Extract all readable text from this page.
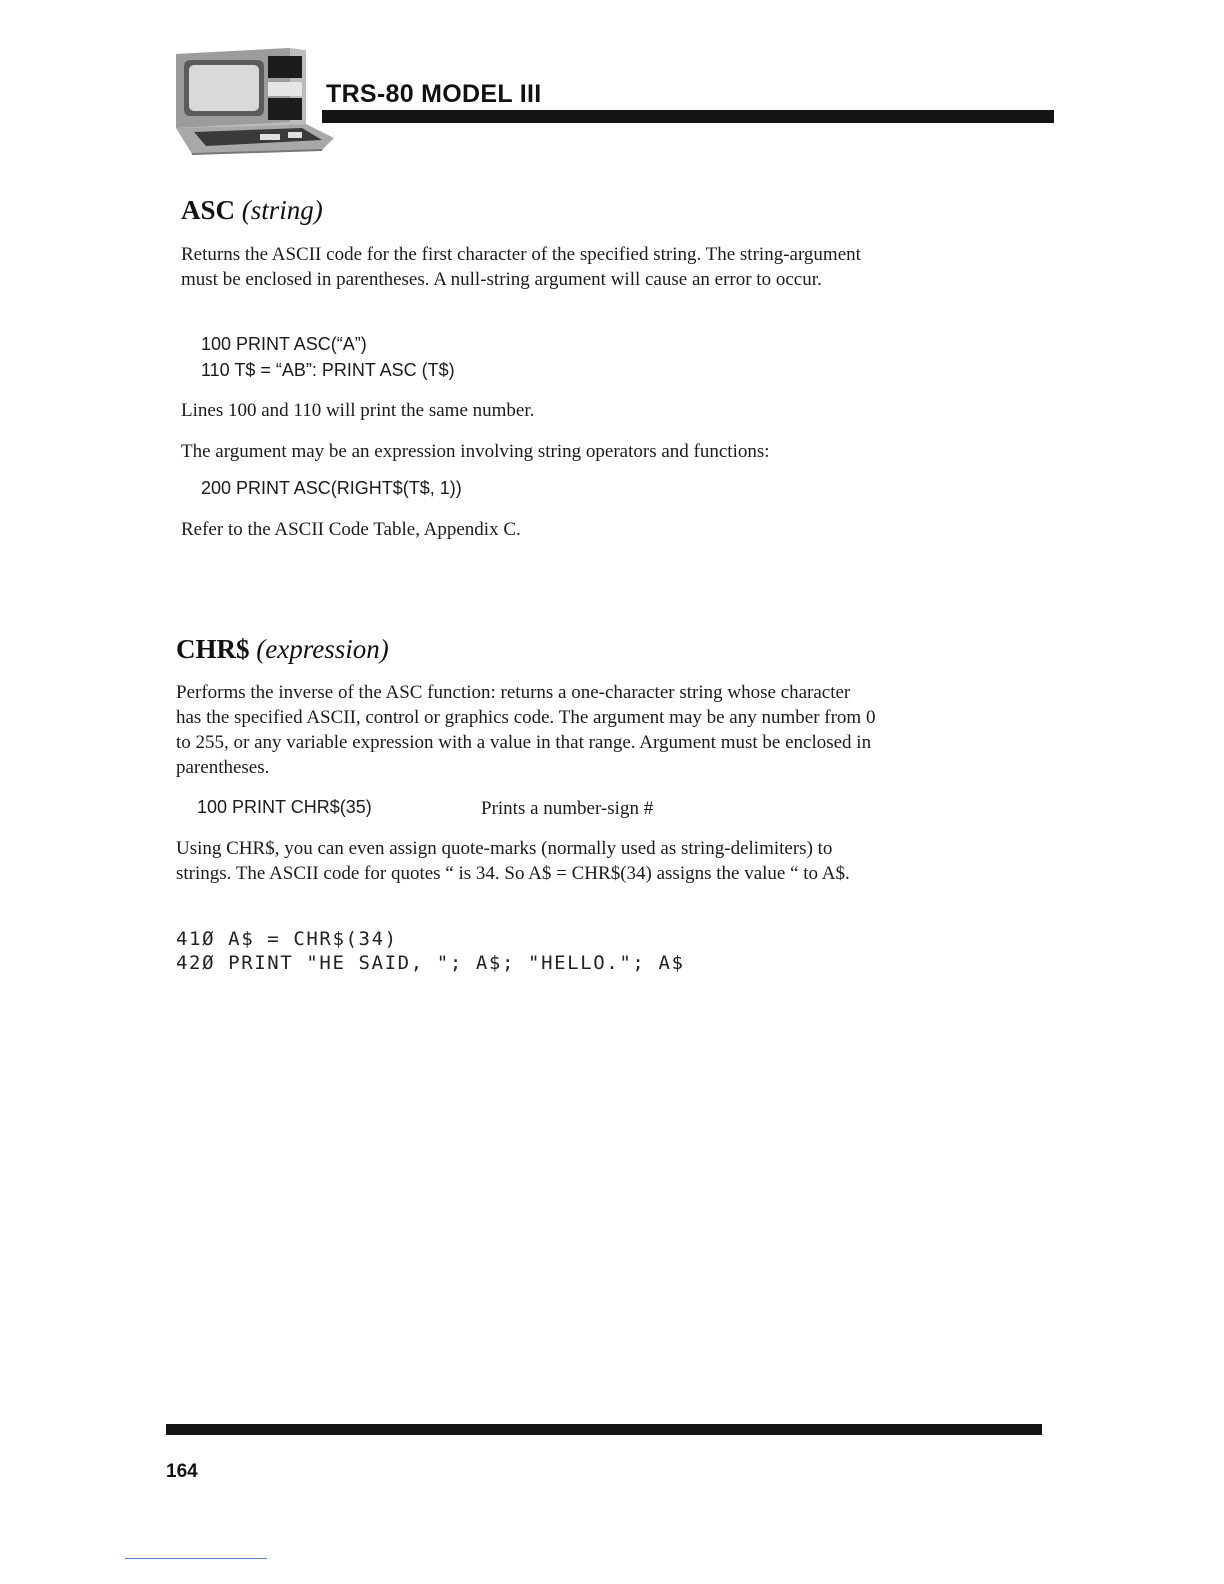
TRS-80 MODEL III
ASC (string)
Returns the ASCII code for the first character of the specified string. The string-argument must be enclosed in parentheses. A null-string argument will cause an error to occur.
100 PRINT ASC(“A”)
110 T$ = “AB”: PRINT ASC (T$)
Lines 100 and 110 will print the same number.
The argument may be an expression involving string operators and functions:
200 PRINT ASC(RIGHT$(T$, 1))
Refer to the ASCII Code Table, Appendix C.
CHR$ (expression)
Performs the inverse of the ASC function: returns a one-character string whose character has the specified ASCII, control or graphics code. The argument may be any number from 0 to 255, or any variable expression with a value in that range. Argument must be enclosed in parentheses.
100 PRINT CHR$(35)	Prints a number-sign #
Using CHR$, you can even assign quote-marks (normally used as string-delimiters) to strings. The ASCII code for quotes “ is 34. So A$ = CHR$(34) assigns the value “ to A$.
41Ø A$ = CHR$(34)
42Ø PRINT "HE SAID, "; A$; "HELLO."; A$
164
